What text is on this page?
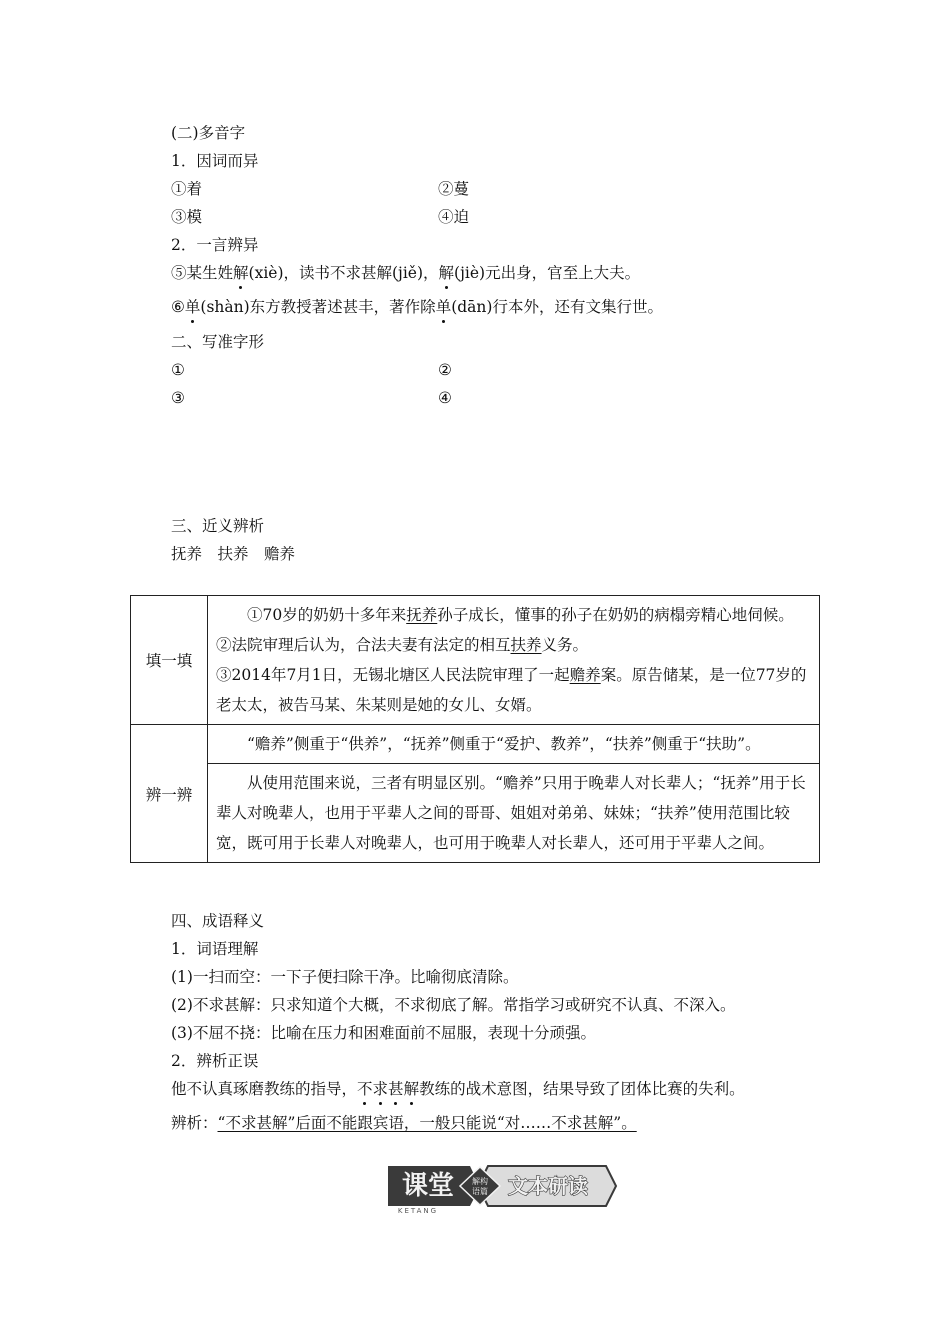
(二)多音字
1．因词而异
①着	②蔓
③模	④迫
2．一言辨异
⑤某生姓解(xiè)，读书不求甚解(jiě)，解(jiè)元出身，官至上大夫。
⑥单(shàn)东方教授著述甚丰，著作除单(dān)行本外，还有文集行世。
二、写准字形
①	②
③	④
三、近义辨析
抚养　扶养　赡养
填一填	①70岁的奶奶十多年来抚养孙子成长，懂事的孙子在奶奶的病榻旁精心地伺候。
②法院审理后认为，合法夫妻有法定的相互扶养义务。
③2014年7月1日，无锡北塘区人民法院审理了一起赡养案。原告储某，是一位77岁的老太太，被告马某、朱某则是她的女儿、女婿。

辨一辨	“赡养”侧重于“供养”，“抚养”侧重于“爱护、教养”，“扶养”侧重于“扶助”。
从使用范围来说，三者有明显区别。“赡养”只用于晚辈人对长辈人；“抚养”用于长辈人对晚辈人，也用于平辈人之间的哥哥、姐姐对弟弟、妹妹；“扶养”使用范围比较宽，既可用于长辈人对晚辈人，也可用于晚辈人对长辈人，还可用于平辈人之间。
四、成语释义
1．词语理解
(1)一扫而空：一下子便扫除干净。比喻彻底清除。
(2)不求甚解：只求知道个大概，不求彻底了解。常指学习或研究不认真、不深入。
(3)不屈不挠：比喻在压力和困难面前不屈服，表现十分顽强。
2．辨析正误
他不认真琢磨教练的指导，不求甚解教练的战术意图，结果导致了团体比赛的失利。
辨析：“不求甚解”后面不能跟宾语，一般只能说“对……不求甚解”。
课堂 解构
语篇 文本研读
KETANG
